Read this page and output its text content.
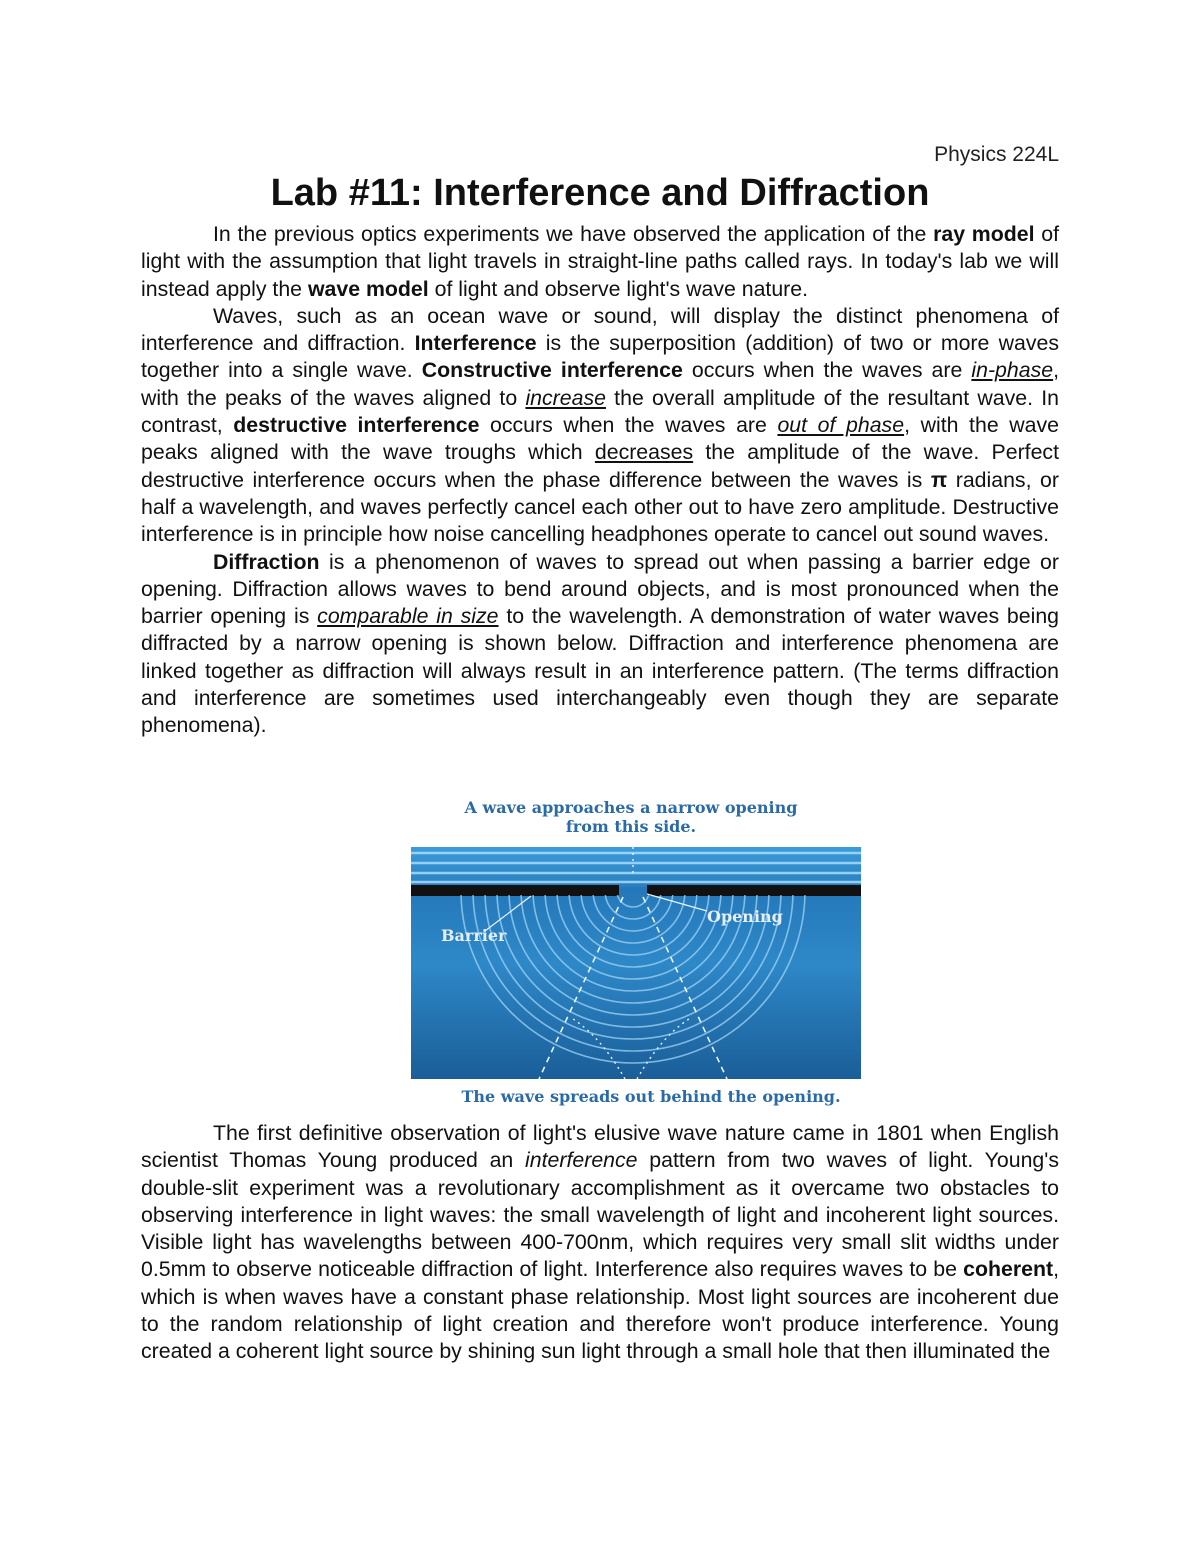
Physics 224L
Lab #11: Interference and Diffraction

In the previous optics experiments we have observed the application of the ray model of light with the assumption that light travels in straight-line paths called rays. In today's lab we will instead apply the wave model of light and observe light's wave nature.

Waves, such as an ocean wave or sound, will display the distinct phenomena of interference and diffraction. Interference is the superposition (addition) of two or more waves together into a single wave. Constructive interference occurs when the waves are in-phase, with the peaks of the waves aligned to increase the overall amplitude of the resultant wave. In contrast, destructive interference occurs when the waves are out of phase, with the wave peaks aligned with the wave troughs which decreases the amplitude of the wave. Perfect destructive interference occurs when the phase difference between the waves is π radians, or half a wavelength, and waves perfectly cancel each other out to have zero amplitude. Destructive interference is in principle how noise cancelling headphones operate to cancel out sound waves.

Diffraction is a phenomenon of waves to spread out when passing a barrier edge or opening. Diffraction allows waves to bend around objects, and is most pronounced when the barrier opening is comparable in size to the wavelength. A demonstration of water waves being diffracted by a narrow opening is shown below. Diffraction and interference phenomena are linked together as diffraction will always result in an interference pattern. (The terms diffraction and interference are sometimes used interchangeably even though they are separate phenomena).

The first definitive observation of light's elusive wave nature came in 1801 when English scientist Thomas Young produced an interference pattern from two waves of light. Young's double-slit experiment was a revolutionary accomplishment as it overcame two obstacles to observing interference in light waves: the small wavelength of light and incoherent light sources. Visible light has wavelengths between 400-700nm, which requires very small slit widths under 0.5mm to observe noticeable diffraction of light. Interference also requires waves to be coherent, which is when waves have a constant phase relationship. Most light sources are incoherent due to the random relationship of light creation and therefore won't produce interference. Young created a coherent light source by shining sun light through a small hole that then illuminated the

A wave approaches a narrow opening from this side.
Barrier
Opening
The wave spreads out behind the opening.
